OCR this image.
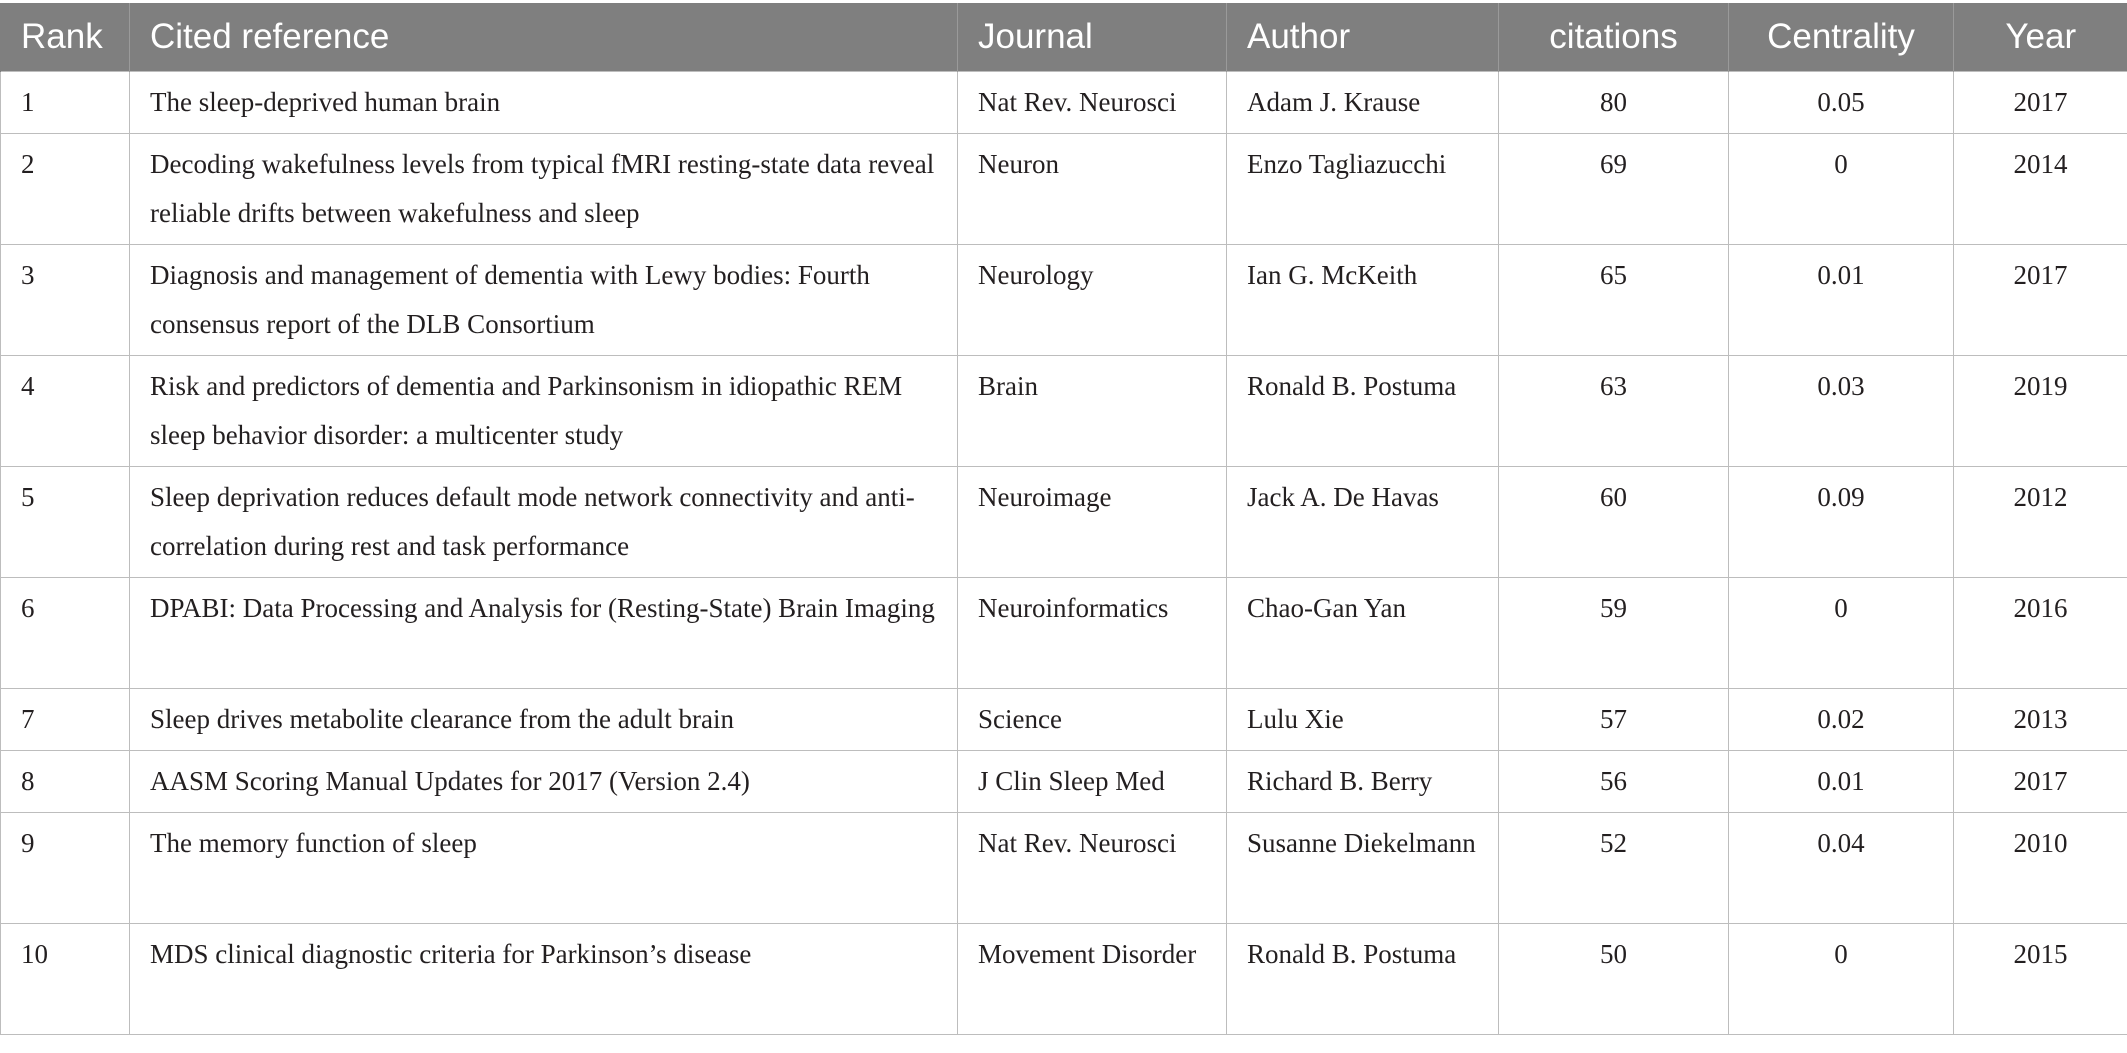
Rank	Cited reference	Journal	Author	citations	Centrality	Year
1	The sleep-deprived human brain	Nat Rev. Neurosci	Adam J. Krause	80	0.05	2017
2	Decoding wakefulness levels from typical fMRI resting-state data reveal reliable drifts between wakefulness and sleep	Neuron	Enzo Tagliazucchi	69	0	2014
3	Diagnosis and management of dementia with Lewy bodies: Fourth consensus report of the DLB Consortium	Neurology	Ian G. McKeith	65	0.01	2017
4	Risk and predictors of dementia and Parkinsonism in idiopathic REM sleep behavior disorder: a multicenter study	Brain	Ronald B. Postuma	63	0.03	2019
5	Sleep deprivation reduces default mode network connectivity and anti-correlation during rest and task performance	Neuroimage	Jack A. De Havas	60	0.09	2012
6	DPABI: Data Processing and Analysis for (Resting-State) Brain Imaging	Neuroinformatics	Chao-Gan Yan	59	0	2016
7	Sleep drives metabolite clearance from the adult brain	Science	Lulu Xie	57	0.02	2013
8	AASM Scoring Manual Updates for 2017 (Version 2.4)	J Clin Sleep Med	Richard B. Berry	56	0.01	2017
9	The memory function of sleep	Nat Rev. Neurosci	Susanne Diekelmann	52	0.04	2010
10	MDS clinical diagnostic criteria for Parkinson’s disease	Movement Disorder	Ronald B. Postuma	50	0	2015
